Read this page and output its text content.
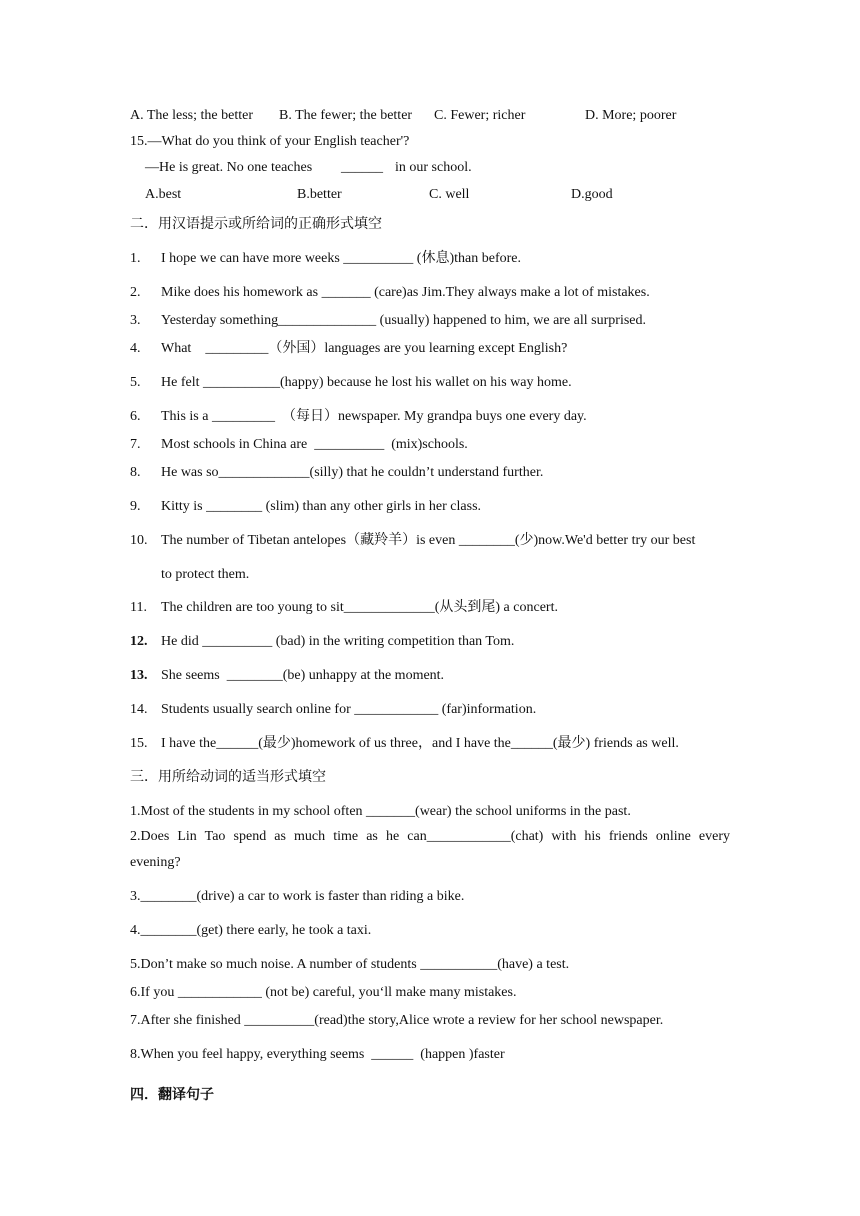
A. The less; the better B. The fewer; the better C. Fewer; richer	D. More; poorer
15.—What do you think of your English teacher'?
—He is great. No one teaches ______ in our school.
A.best	B.better	C. well	D.good
二．用汉语提示或所给词的正确形式填空
1. I hope we can have more weeks __________ (休息)than before.
2. Mike does his homework as _______ (care)as Jim.They always make a lot of mistakes.
3. Yesterday something______________ (usually) happened to him, we are all surprised.
4. What    _________（外国）languages are you learning except English?
5. He felt ___________(happy) because he lost his wallet on his way home.
6. This is a _________  （每日）newspaper. My grandpa buys one every day.
7. Most schools in China are  __________  (mix)schools.
8. He was so_____________(silly) that he couldn’t understand further.
9. Kitty is ________ (slim) than any other girls in her class.
10. The number of Tibetan antelopes（藏羚羊）is even ________(少)now.We'd better try our best
to protect them.
11. The children are too young to sit_____________(从头到尾) a concert.
12. He did __________ (bad) in the writing competition than Tom.
13. She seems  ________(be) unhappy at the moment.
14. Students usually search online for ____________ (far)information.
15. I have the______(最少)homework of us three，and I have the______(最少) friends as well.
三．用所给动词的适当形式填空
1.Most of the students in my school often _______(wear) the school uniforms in the past.
2.Does Lin Tao spend as much time as he can____________(chat) with his friends online every
evening?
3.________(drive) a car to work is faster than riding a bike.
4.________(get) there early, he took a taxi.
5.Don’t make so much noise. A number of students ___________(have) a test.
6.If you ____________ (not be) careful, you‘ll make many mistakes.
7.After she finished __________(read)the story,Alice wrote a review for her school newspaper.
8.When you feel happy, everything seems  ______  (happen )faster
四．翻译句子
